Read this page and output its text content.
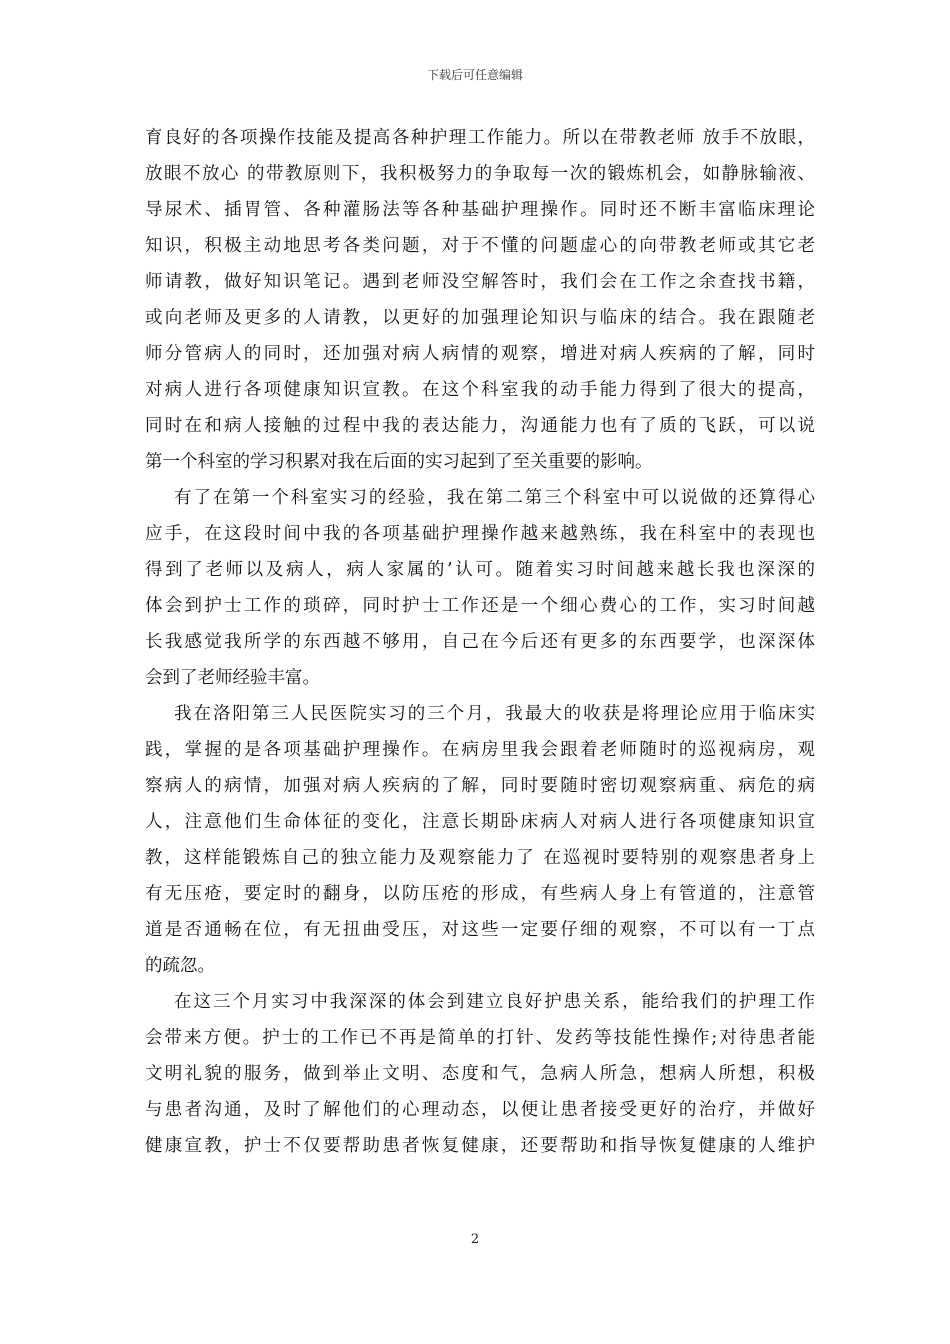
下载后可任意编辑
育良好的各项操作技能及提高各种护理工作能力。所以在带教老师 放手不放眼，
放眼不放心 的带教原则下，我积极努力的争取每一次的锻炼机会，如静脉输液、
导尿术、插胃管、各种灌肠法等各种基础护理操作。同时还不断丰富临床理论
知识，积极主动地思考各类问题，对于不懂的问题虚心的向带教老师或其它老
师请教，做好知识笔记。遇到老师没空解答时，我们会在工作之余查找书籍，
或向老师及更多的人请教，以更好的加强理论知识与临床的结合。我在跟随老
师分管病人的同时，还加强对病人病情的观察，增进对病人疾病的了解，同时
对病人进行各项健康知识宣教。在这个科室我的动手能力得到了很大的提高，
同时在和病人接触的过程中我的表达能力，沟通能力也有了质的飞跃，可以说
第一个科室的学习积累对我在后面的实习起到了至关重要的影响。
有了在第一个科室实习的经验，我在第二第三个科室中可以说做的还算得心
应手，在这段时间中我的各项基础护理操作越来越熟练，我在科室中的表现也
得到了老师以及病人，病人家属的’认可。随着实习时间越来越长我也深深的
体会到护士工作的琐碎，同时护士工作还是一个细心费心的工作，实习时间越
长我感觉我所学的东西越不够用，自己在今后还有更多的东西要学，也深深体
会到了老师经验丰富。
我在洛阳第三人民医院实习的三个月，我最大的收获是将理论应用于临床实
践，掌握的是各项基础护理操作。在病房里我会跟着老师随时的巡视病房，观
察病人的病情，加强对病人疾病的了解，同时要随时密切观察病重、病危的病
人，注意他们生命体征的变化，注意长期卧床病人对病人进行各项健康知识宣
教，这样能锻炼自己的独立能力及观察能力了 在巡视时要特别的观察患者身上
有无压疮，要定时的翻身，以防压疮的形成，有些病人身上有管道的，注意管
道是否通畅在位，有无扭曲受压，对这些一定要仔细的观察，不可以有一丁点
的疏忽。
在这三个月实习中我深深的体会到建立良好护患关系，能给我们的护理工作
会带来方便。护士的工作已不再是简单的打针、发药等技能性操作;对待患者能
文明礼貌的服务，做到举止文明、态度和气，急病人所急，想病人所想，积极
与患者沟通，及时了解他们的心理动态，以便让患者接受更好的治疗，并做好
健康宣教，护士不仅要帮助患者恢复健康，还要帮助和指导恢复健康的人维护
2
